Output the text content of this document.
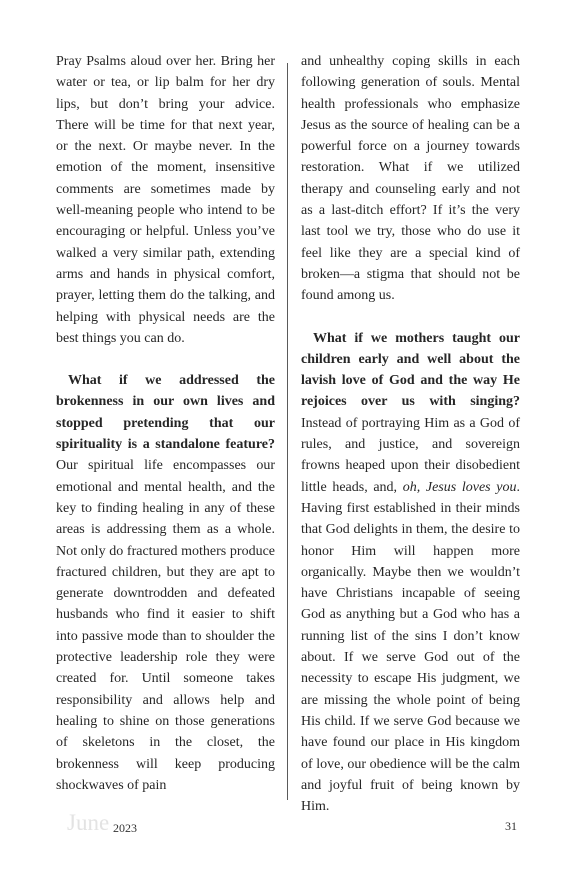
Pray Psalms aloud over her. Bring her water or tea, or lip balm for her dry lips, but don’t bring your advice. There will be time for that next year, or the next. Or maybe never. In the emotion of the moment, insensitive comments are sometimes made by well-meaning people who intend to be encouraging or helpful. Unless you’ve walked a very similar path, extending arms and hands in physical comfort, prayer, letting them do the talking, and helping with physical needs are the best things you can do.

What if we addressed the brokenness in our own lives and stopped pretending that our spirituality is a standalone feature? Our spiritual life encompasses our emotional and mental health, and the key to finding healing in any of these areas is addressing them as a whole. Not only do fractured mothers produce fractured children, but they are apt to generate downtrodden and defeated husbands who find it easier to shift into passive mode than to shoulder the protective leadership role they were created for. Until someone takes responsibility and allows help and healing to shine on those generations of skeletons in the closet, the brokenness will keep producing shockwaves of pain

and unhealthy coping skills in each following generation of souls. Mental health professionals who emphasize Jesus as the source of healing can be a powerful force on a journey towards restoration. What if we utilized therapy and counseling early and not as a last-ditch effort? If it’s the very last tool we try, those who do use it feel like they are a special kind of broken—a stigma that should not be found among us.

What if we mothers taught our children early and well about the lavish love of God and the way He rejoices over us with singing? Instead of portraying Him as a God of rules, and justice, and sovereign frowns heaped upon their disobedient little heads, and, oh, Jesus loves you. Having first established in their minds that God delights in them, the desire to honor Him will happen more organically. Maybe then we wouldn’t have Christians incapable of seeing God as anything but a God who has a running list of the sins I don’t know about. If we serve God out of the necessity to escape His judgment, we are missing the whole point of being His child. If we serve God because we have found our place in His kingdom of love, our obedience will be the calm and joyful fruit of being known by Him.

June 2023	31
